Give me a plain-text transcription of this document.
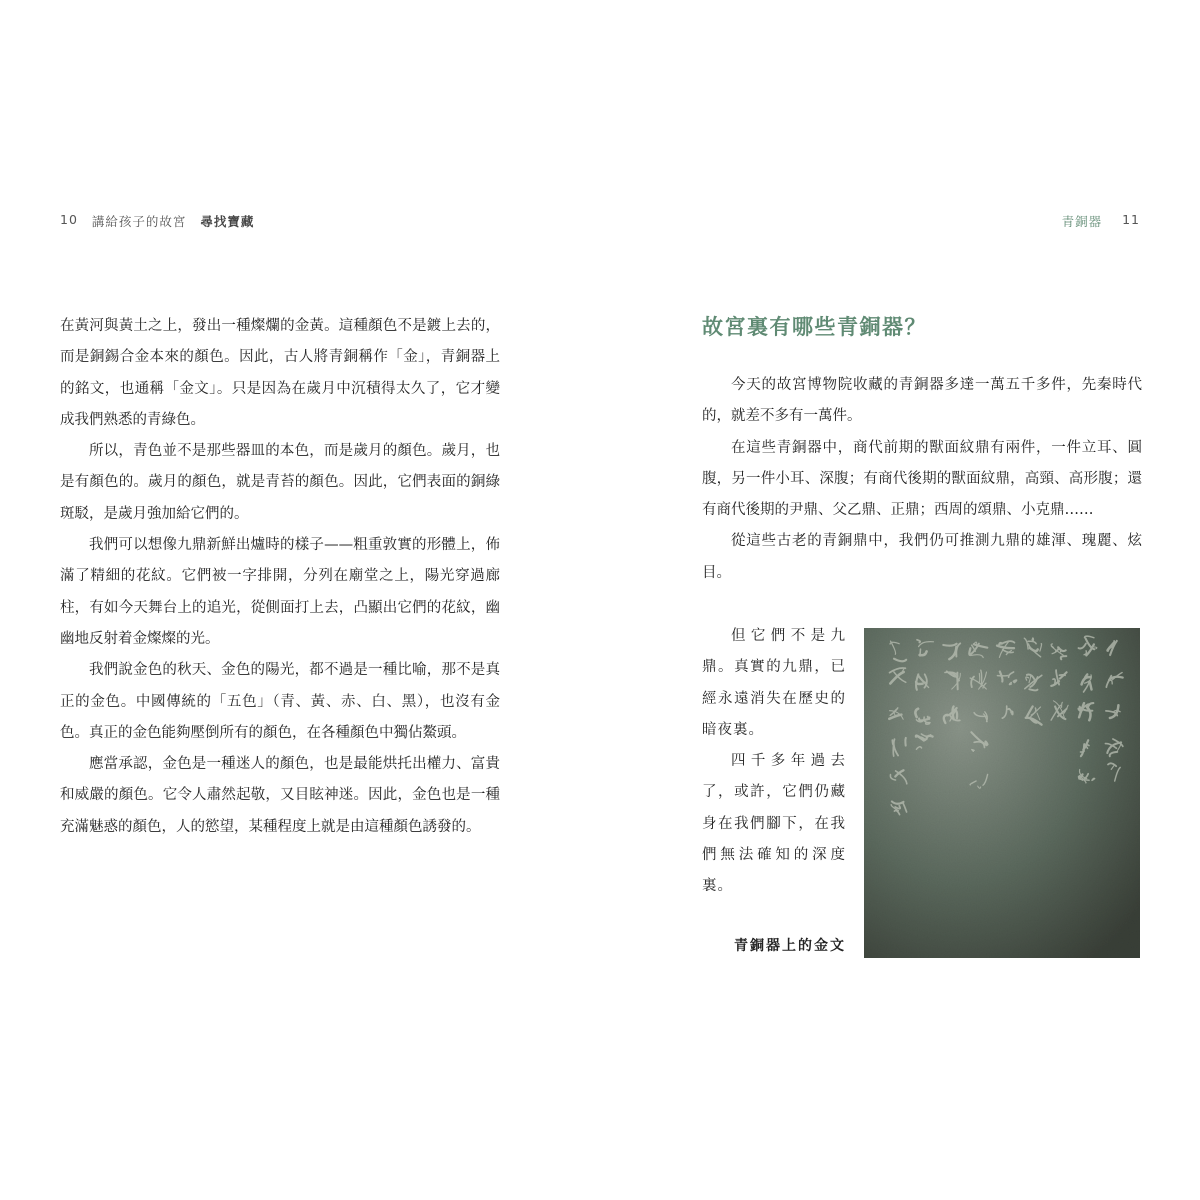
10 講給孩子的故宮 尋找寶藏

在黃河與黃土之上，發出一種燦爛的金黃。這種顏色不是鍍上去的，而是銅錫合金本來的顏色。因此，古人將青銅稱作「金」，青銅器上的銘文，也通稱「金文」。只是因為在歲月中沉積得太久了，它才變成我們熟悉的青綠色。

所以，青色並不是那些器皿的本色，而是歲月的顏色。歲月，也是有顏色的。歲月的顏色，就是青苔的顏色。因此，它們表面的銅綠斑駁，是歲月強加給它們的。

我們可以想像九鼎新鮮出爐時的樣子——粗重敦實的形體上，佈滿了精細的花紋。它們被一字排開，分列在廟堂之上，陽光穿過廊柱，有如今天舞台上的追光，從側面打上去，凸顯出它們的花紋，幽幽地反射着金燦燦的光。

我們說金色的秋天、金色的陽光，都不過是一種比喻，那不是真正的金色。中國傳統的「五色」（青、黃、赤、白、黑），也沒有金色。真正的金色能夠壓倒所有的顏色，在各種顏色中獨佔鰲頭。

應當承認，金色是一種迷人的顏色，也是最能烘托出權力、富貴和威嚴的顏色。它令人肅然起敬，又目眩神迷。因此，金色也是一種充滿魅惑的顏色，人的慾望，某種程度上就是由這種顏色誘發的。

青銅器 11
故宮裏有哪些青銅器？

今天的故宮博物院收藏的青銅器多達一萬五千多件，先秦時代的，就差不多有一萬件。

在這些青銅器中，商代前期的獸面紋鼎有兩件，一件立耳、圓腹，另一件小耳、深腹；有商代後期的獸面紋鼎，高頸、高形腹；還有商代後期的尹鼎、父乙鼎、正鼎；西周的頌鼎、小克鼎……

從這些古老的青銅鼎中，我們仍可推測九鼎的雄渾、瑰麗、炫目。

但它們不是九鼎。真實的九鼎，已經永遠消失在歷史的暗夜裏。

四千多年過去了，或許，它們仍藏身在我們腳下，在我們無法確知的深度裏。

青銅器上的金文
